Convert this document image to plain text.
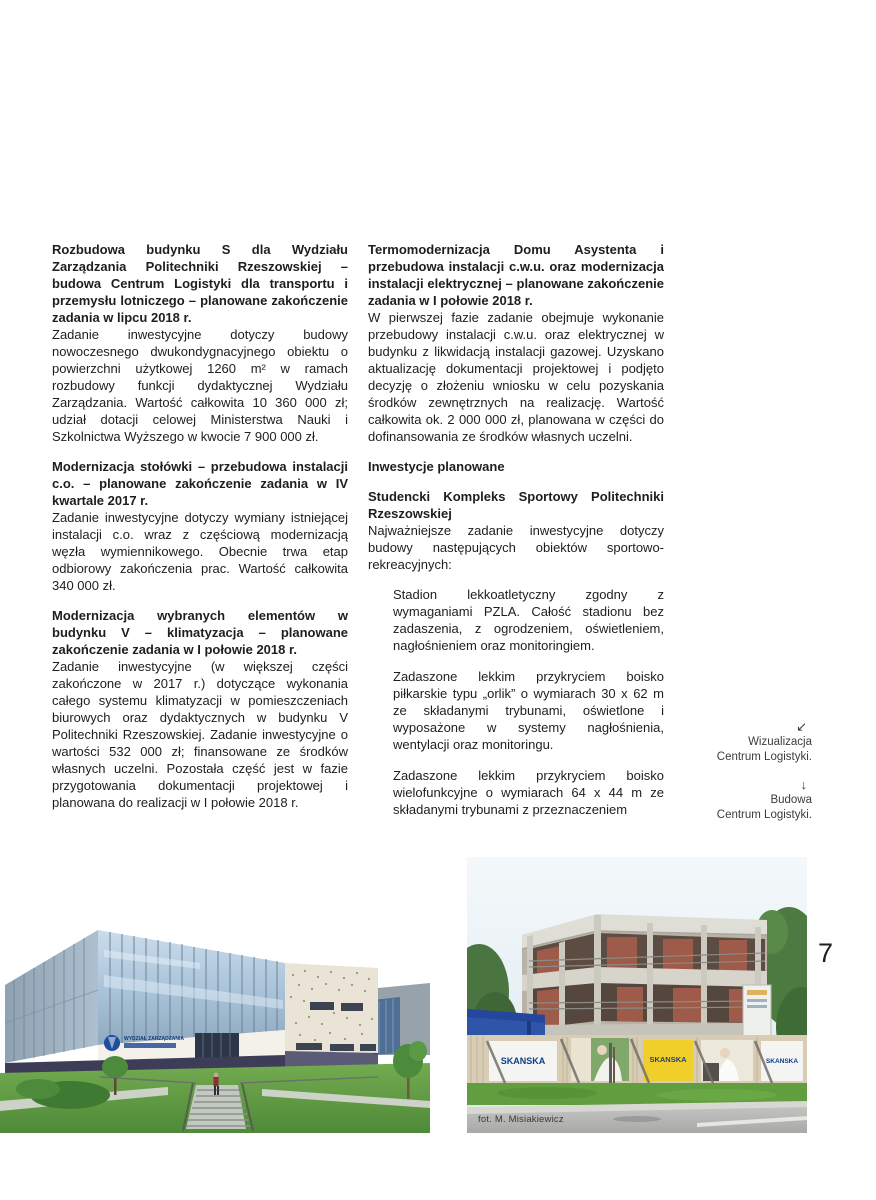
Rozbudowa budynku S dla Wydziału Zarządzania Politechniki Rzeszowskiej – budowa Centrum Logistyki dla transportu i przemysłu lotniczego – planowane zakończenie zadania w lipcu 2018 r.

Zadanie inwestycyjne dotyczy budowy nowoczesnego dwukondygnacyjnego obiektu o powierzchni użytkowej 1260 m² w ramach rozbudowy funkcji dydaktycznej Wydziału Zarządzania. Wartość całkowita 10 360 000 zł; udział dotacji celowej Ministerstwa Nauki i Szkolnictwa Wyższego w kwocie 7 900 000 zł.

Modernizacja stołówki – przebudowa instalacji c.o. – planowane zakończenie zadania w IV kwartale 2017 r.

Zadanie inwestycyjne dotyczy wymiany istniejącej instalacji c.o. wraz z częściową modernizacją węzła wymiennikowego. Obecnie trwa etap odbiorowy zakończenia prac. Wartość całkowita 340 000 zł.

Modernizacja wybranych elementów w budynku V – klimatyzacja – planowane zakończenie zadania w I połowie 2018 r.

Zadanie inwestycyjne (w większej części zakończone w 2017 r.) dotyczące wykonania całego systemu klimatyzacji w pomieszczeniach biurowych oraz dydaktycznych w budynku V Politechniki Rzeszowskiej. Zadanie inwestycyjne o wartości 532 000 zł; finansowane ze środków własnych uczelni. Pozostała część jest w fazie przygotowania dokumentacji projektowej i planowana do realizacji w I połowie 2018 r.

Termomodernizacja Domu Asystenta i przebudowa instalacji c.w.u. oraz modernizacja instalacji elektrycznej – planowane zakończenie zadania w I połowie 2018 r.

W pierwszej fazie zadanie obejmuje wykonanie przebudowy instalacji c.w.u. oraz elektrycznej w budynku z likwidacją instalacji gazowej. Uzyskano aktualizację dokumentacji projektowej i podjęto decyzję o złożeniu wniosku w celu pozyskania środków zewnętrznych na realizację. Wartość całkowita ok. 2 000 000 zł, planowana w części do dofinansowania ze środków własnych uczelni.

Inwestycje planowane
Studencki Kompleks Sportowy Politechniki Rzeszowskiej

Najważniejsze zadanie inwestycyjne dotyczy budowy następujących obiektów sportowo-rekreacyjnych:

Stadion lekkoatletyczny zgodny z wymaganiami PZLA. Całość stadionu bez zadaszenia, z ogrodzeniem, oświetleniem, nagłośnieniem oraz monitoringiem.
Zadaszone lekkim przykryciem boisko piłkarskie typu „orlik” o wymiarach 30 x 62 m ze składanymi trybunami, oświetlone i wyposażone w systemy nagłośnienia, wentylacji oraz monitoringu.
Zadaszone lekkim przykryciem boisko wielofunkcyjne o wymiarach 64 x 44 m ze składanymi trybunami z przeznaczeniem
↙
Wizualizacja
Centrum Logistyki.
↓
Budowa
Centrum Logistyki.
7
WYDZIAŁ ZARZĄDZANIA
SKANSKA	SKANSKA	SKANSKA
fot. M. Misiakiewicz
